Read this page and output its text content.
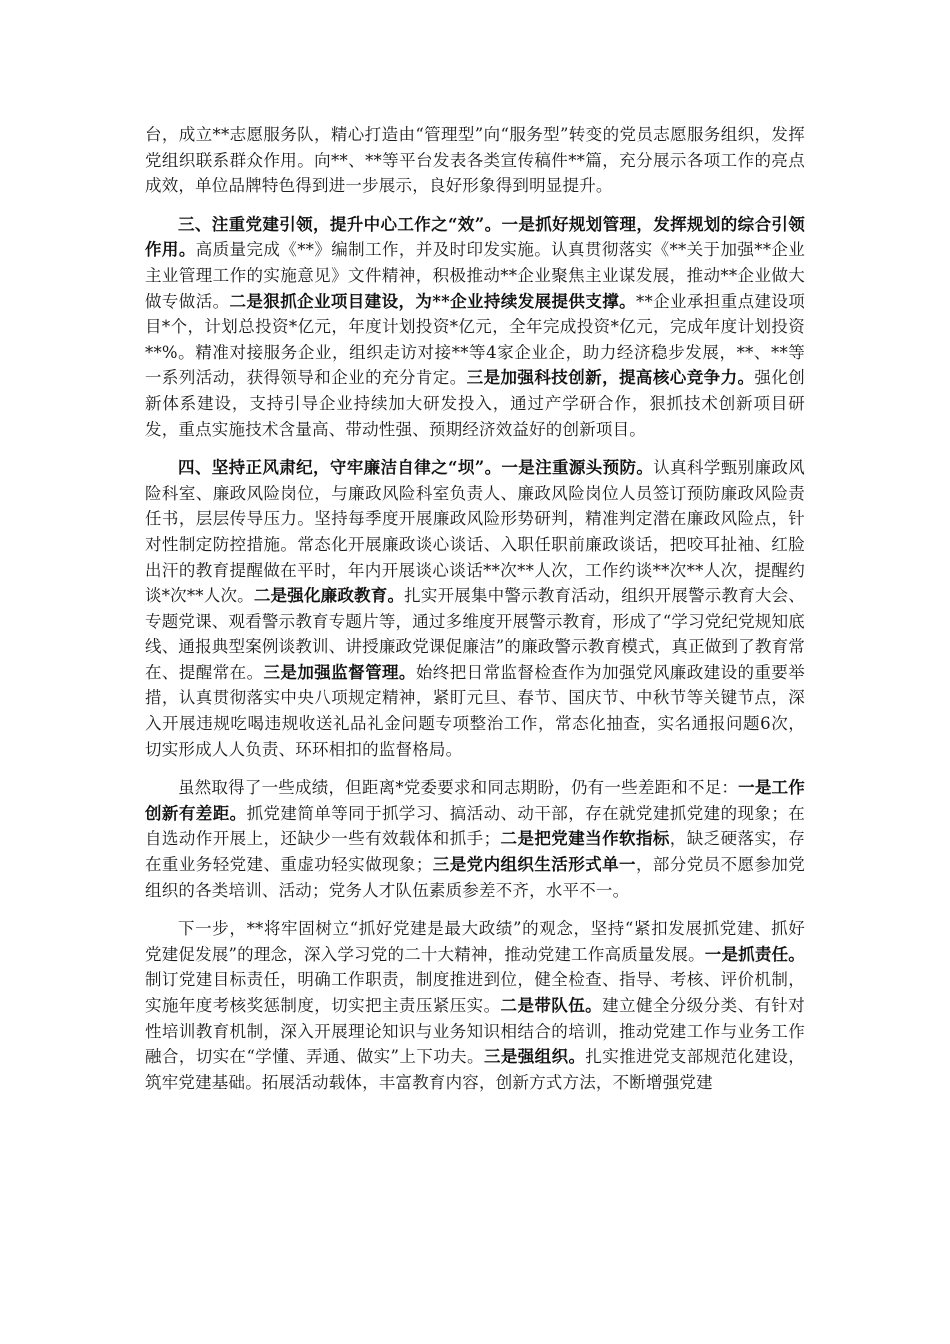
台，成立**志愿服务队，精心打造由“管理型”向“服务型”转变的党员志愿服务组织，发挥党组织联系群众作用。向**、**等平台发表各类宣传稿件**篇，充分展示各项工作的亮点成效，单位品牌特色得到进一步展示，良好形象得到明显提升。

三、注重党建引领，提升中心工作之“效”。一是抓好规划管理，发挥规划的综合引领作用。高质量完成《**》编制工作，并及时印发实施。认真贯彻落实《**关于加强**企业主业管理工作的实施意见》文件精神，积极推动**企业聚焦主业谋发展，推动**企业做大做专做活。二是狠抓企业项目建设，为**企业持续发展提供支撑。**企业承担重点建设项目*个，计划总投资*亿元，年度计划投资*亿元，全年完成投资*亿元，完成年度计划投资**%。精准对接服务企业，组织走访对接**等4家企业企，助力经济稳步发展，**、**等一系列活动，获得领导和企业的充分肯定。三是加强科技创新，提高核心竞争力。强化创新体系建设，支持引导企业持续加大研发投入，通过产学研合作，狠抓技术创新项目研发，重点实施技术含量高、带动性强、预期经济效益好的创新项目。

四、坚持正风肃纪，守牢廉洁自律之“坝”。一是注重源头预防。认真科学甄别廉政风险科室、廉政风险岗位，与廉政风险科室负责人、廉政风险岗位人员签订预防廉政风险责任书，层层传导压力。坚持每季度开展廉政风险形势研判，精准判定潜在廉政风险点，针对性制定防控措施。常态化开展廉政谈心谈话、入职任职前廉政谈话，把咬耳扯袖、红脸出汗的教育提醒做在平时，年内开展谈心谈话**次**人次，工作约谈**次**人次，提醒约谈*次**人次。二是强化廉政教育。扎实开展集中警示教育活动，组织开展警示教育大会、专题党课、观看警示教育专题片等，通过多维度开展警示教育，形成了“学习党纪党规知底线、通报典型案例谈教训、讲授廉政党课促廉洁”的廉政警示教育模式，真正做到了教育常在、提醒常在。三是加强监督管理。始终把日常监督检查作为加强党风廉政建设的重要举措，认真贯彻落实中央八项规定精神，紧盯元旦、春节、国庆节、中秋节等关键节点，深入开展违规吃喝违规收送礼品礼金问题专项整治工作，常态化抽查，实名通报问题6次，切实形成人人负责、环环相扣的监督格局。

虽然取得了一些成绩，但距离*党委要求和同志期盼，仍有一些差距和不足：一是工作创新有差距。抓党建简单等同于抓学习、搞活动、动干部，存在就党建抓党建的现象；在自选动作开展上，还缺少一些有效载体和抓手；二是把党建当作软指标，缺乏硬落实，存在重业务轻党建、重虚功轻实做现象；三是党内组织生活形式单一，部分党员不愿参加党组织的各类培训、活动；党务人才队伍素质参差不齐，水平不一。

下一步，**将牢固树立“抓好党建是最大政绩”的观念，坚持“紧扣发展抓党建、抓好党建促发展”的理念，深入学习党的二十大精神，推动党建工作高质量发展。一是抓责任。制订党建目标责任，明确工作职责，制度推进到位，健全检查、指导、考核、评价机制，实施年度考核奖惩制度，切实把主责压紧压实。二是带队伍。建立健全分级分类、有针对性培训教育机制，深入开展理论知识与业务知识相结合的培训，推动党建工作与业务工作融合，切实在“学懂、弄通、做实”上下功夫。三是强组织。扎实推进党支部规范化建设，筑牢党建基础。拓展活动载体，丰富教育内容，创新方式方法，不断增强党建
